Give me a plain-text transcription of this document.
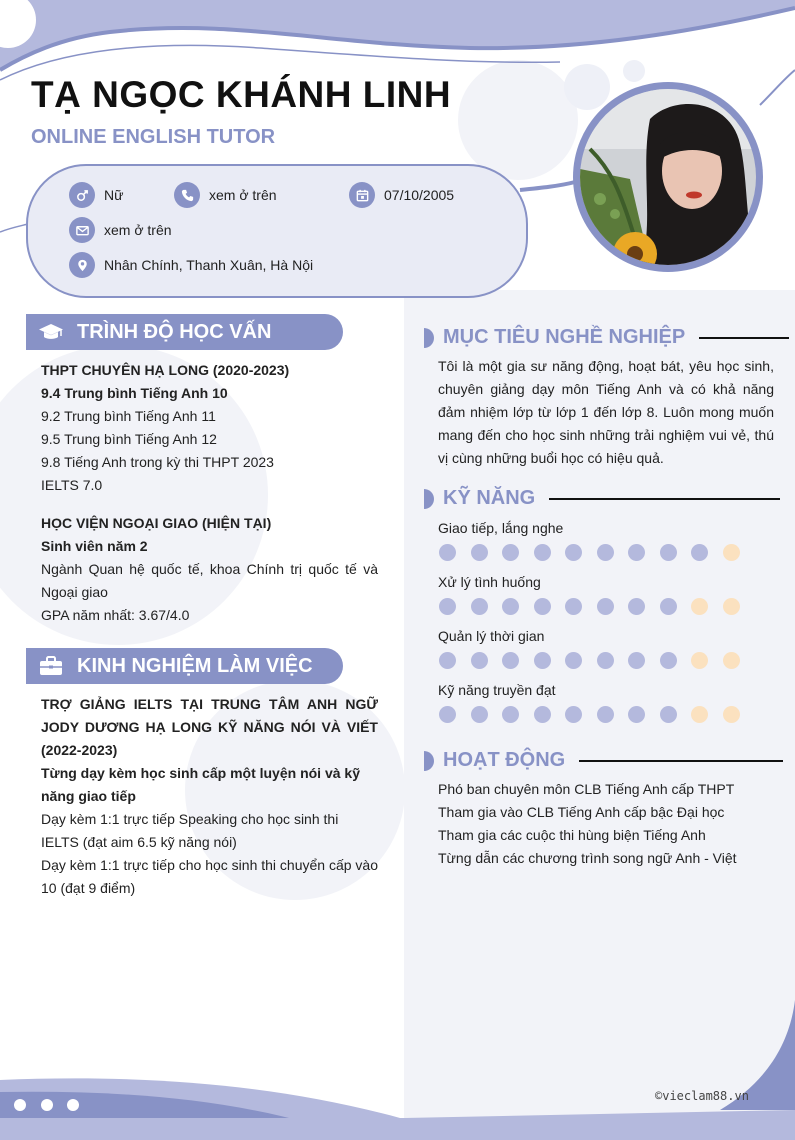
TẠ NGỌC KHÁNH LINH
ONLINE ENGLISH TUTOR
Nữ	xem ở trên	07/10/2005
xem ở trên
Nhân Chính, Thanh Xuân, Hà Nội
TRÌNH ĐỘ HỌC VẤN
THPT CHUYÊN HẠ LONG (2020-2023)
9.4 Trung bình Tiếng Anh 10
9.2 Trung bình Tiếng Anh 11
9.5 Trung bình Tiếng Anh 12
9.8 Tiếng Anh trong kỳ thi THPT 2023
IELTS 7.0
HỌC VIỆN NGOẠI GIAO (HIỆN TẠI)
Sinh viên năm 2
Ngành Quan hệ quốc tế, khoa Chính trị quốc tế và Ngoại giao
GPA năm nhất: 3.67/4.0
KINH NGHIỆM LÀM VIỆC
TRỢ GIẢNG IELTS TẠI TRUNG TÂM ANH NGỮ JODY DƯƠNG HẠ LONG KỸ NĂNG NÓI VÀ VIẾT (2022-2023)
Từng dạy kèm học sinh cấp một luyện nói và kỹ năng giao tiếp
Dạy kèm 1:1 trực tiếp Speaking cho học sinh thi IELTS (đạt aim 6.5 kỹ năng nói)
Dạy kèm 1:1 trực tiếp cho học sinh thi chuyển cấp vào 10 (đạt 9 điểm)
MỤC TIÊU NGHỀ NGHIỆP
Tôi là một gia sư năng động, hoạt bát, yêu học sinh, chuyên giảng dạy môn Tiếng Anh và có khả năng đảm nhiệm lớp từ lớp 1 đến lớp 8. Luôn mong muốn mang đến cho học sinh những trải nghiệm vui vẻ, thú vị cùng những buổi học có hiệu quả.
KỸ NĂNG
Giao tiếp, lắng nghe
Xử lý tình huống
Quản lý thời gian
Kỹ năng truyền đạt
HOẠT ĐỘNG
Phó ban chuyên môn CLB Tiếng Anh cấp THPT
Tham gia vào CLB Tiếng Anh cấp bậc Đại học
Tham gia các cuộc thi hùng biện Tiếng Anh
Từng dẫn các chương trình song ngữ Anh - Việt
©vieclam88.vn
